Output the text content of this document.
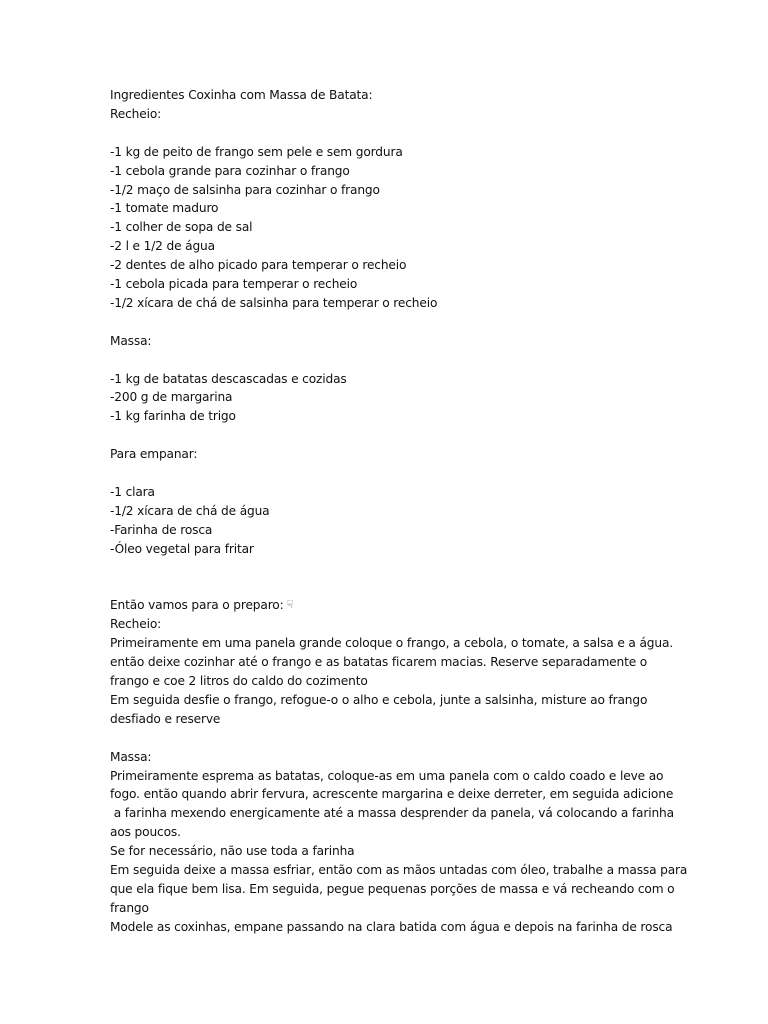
Ingredientes Coxinha com Massa de Batata:
Recheio:
-1 kg de peito de frango sem pele e sem gordura
-1 cebola grande para cozinhar o frango
-1/2 maço de salsinha para cozinhar o frango
-1 tomate maduro
-1 colher de sopa de sal
-2 l e 1/2 de água
-2 dentes de alho picado para temperar o recheio
-1 cebola picada para temperar o recheio
-1/2 xícara de chá de salsinha para temperar o recheio
Massa:
-1 kg de batatas descascadas e cozidas
-200 g de margarina
-1 kg farinha de trigo
Para empanar:
-1 clara
-1/2 xícara de chá de água
-Farinha de rosca
-Óleo vegetal para fritar
Então vamos para o preparo: ☟
Recheio:
Primeiramente em uma panela grande coloque o frango, a cebola, o tomate, a salsa e a água.
então deixe cozinhar até o frango e as batatas ficarem macias. Reserve separadamente o
frango e coe 2 litros do caldo do cozimento
Em seguida desfie o frango, refogue-o o alho e cebola, junte a salsinha, misture ao frango
desfiado e reserve
Massa:
Primeiramente esprema as batatas, coloque-as em uma panela com o caldo coado e leve ao
fogo. então quando abrir fervura, acrescente margarina e deixe derreter, em seguida adicione
a farinha mexendo energicamente até a massa desprender da panela, vá colocando a farinha
aos poucos.
Se for necessário, não use toda a farinha
Em seguida deixe a massa esfriar, então com as mãos untadas com óleo, trabalhe a massa para
que ela fique bem lisa. Em seguida, pegue pequenas porções de massa e vá recheando com o
frango
Modele as coxinhas, empane passando na clara batida com água e depois na farinha de rosca
